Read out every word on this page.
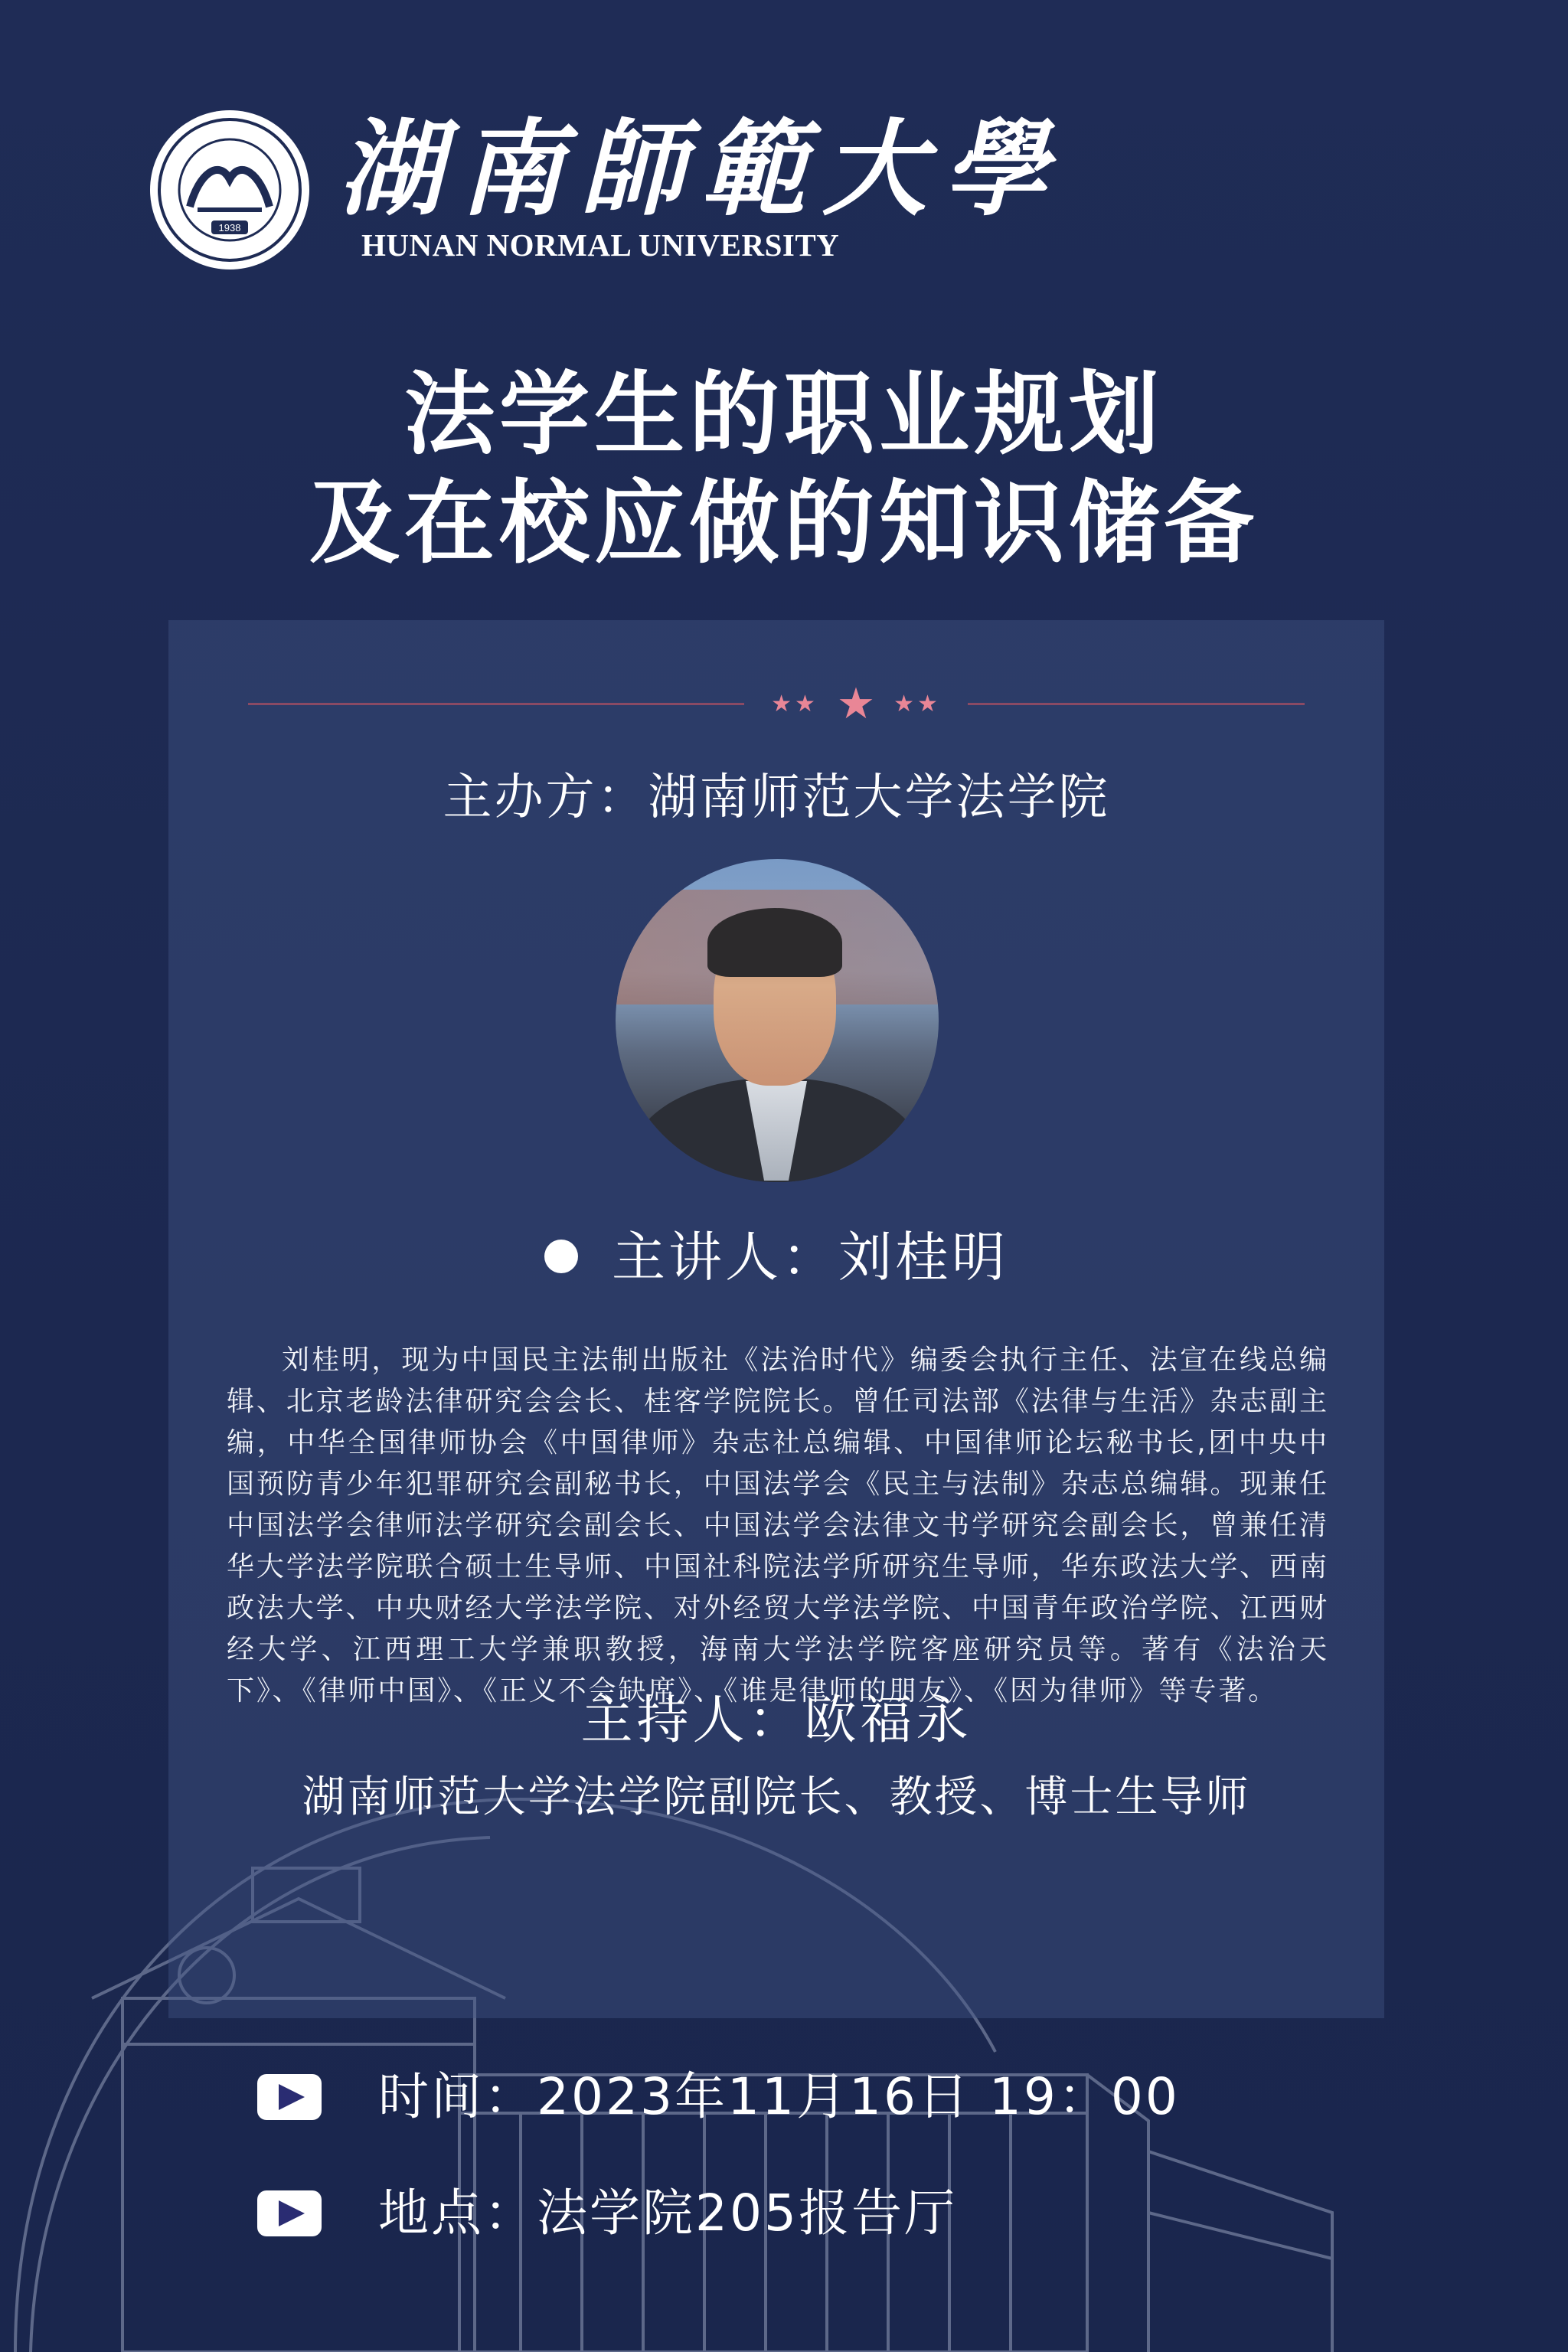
1938 湖南師範大學
HUNAN NORMAL UNIVERSITY
法学生的职业规划
及在校应做的知识储备
★★ ★ ★★
主办方：湖南师范大学法学院
主讲人：刘桂明

刘桂明，现为中国民主法制出版社《法治时代》编委会执行主任、法宣在线总编辑、北京老龄法律研究会会长、桂客学院院长。曾任司法部《法律与生活》杂志副主编，中华全国律师协会《中国律师》杂志社总编辑、中国律师论坛秘书长,团中央中国预防青少年犯罪研究会副秘书长，中国法学会《民主与法制》杂志总编辑。现兼任中国法学会律师法学研究会副会长、中国法学会法律文书学研究会副会长，曾兼任清华大学法学院联合硕士生导师、中国社科院法学所研究生导师，华东政法大学、西南政法大学、中央财经大学法学院、对外经贸大学法学院、中国青年政治学院、江西财经大学、江西理工大学兼职教授，海南大学法学院客座研究员等。著有《法治天下》、《律师中国》、《正义不会缺席》、《谁是律师的朋友》、《因为律师》等专著。

主持人：欧福永
湖南师范大学法学院副院长、教授、博士生导师
时间：2023年11月16日 19：00
地点：法学院205报告厅
